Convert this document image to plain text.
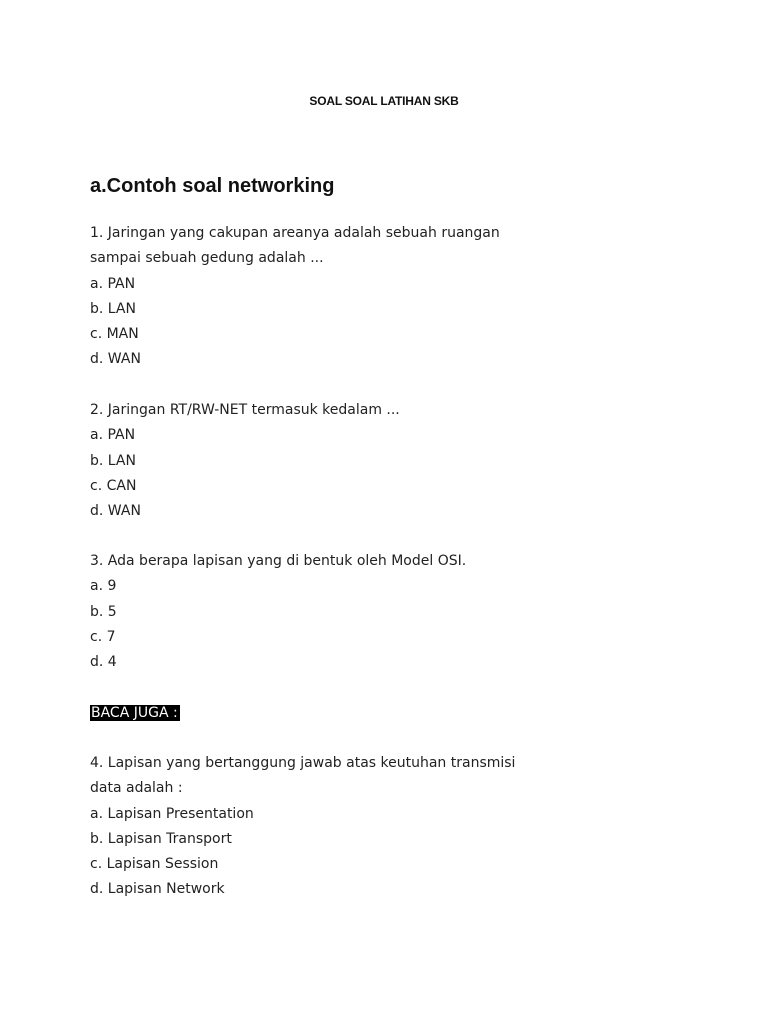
SOAL SOAL LATIHAN SKB
a.Contoh soal networking
1. Jaringan yang cakupan areanya adalah sebuah ruangan
sampai sebuah gedung adalah ...
a. PAN
b. LAN
c. MAN
d. WAN
2. Jaringan RT/RW-NET termasuk kedalam ...
a. PAN
b. LAN
c. CAN
d. WAN
3. Ada berapa lapisan yang di bentuk oleh Model OSI.
a. 9
b. 5
c. 7
d. 4
BACA JUGA :
4. Lapisan yang bertanggung jawab atas keutuhan transmisi
data adalah :
a. Lapisan Presentation
b. Lapisan Transport
c. Lapisan Session
d. Lapisan Network
